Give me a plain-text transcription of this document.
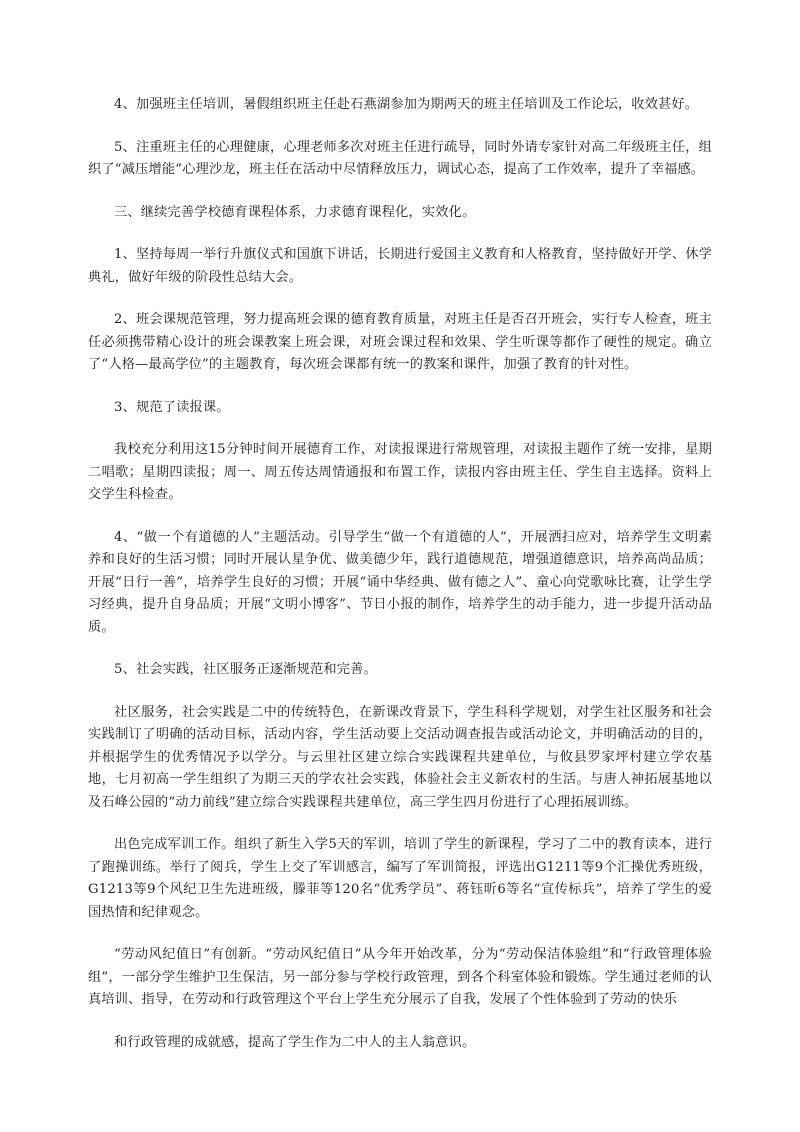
4、加强班主任培训，暑假组织班主任赴石燕湖参加为期两天的班主任培训及工作论坛，收效甚好。

5、注重班主任的心理健康，心理老师多次对班主任进行疏导，同时外请专家针对高二年级班主任，组织了“减压增能”心理沙龙，班主任在活动中尽情释放压力，调试心态，提高了工作效率，提升了幸福感。

三、继续完善学校德育课程体系，力求德育课程化，实效化。

1、坚持每周一举行升旗仪式和国旗下讲话，长期进行爱国主义教育和人格教育，坚持做好开学、休学典礼，做好年级的阶段性总结大会。

2、班会课规范管理，努力提高班会课的德育教育质量，对班主任是否召开班会，实行专人检查，班主任必须携带精心设计的班会课教案上班会课，对班会课过程和效果、学生听课等都作了硬性的规定。确立了“人格—最高学位”的主题教育，每次班会课都有统一的教案和课件，加强了教育的针对性。

3、规范了读报课。

我校充分利用这15分钟时间开展德育工作，对读报课进行常规管理，对读报主题作了统一安排，星期二唱歌；星期四读报；周一、周五传达周情通报和布置工作，读报内容由班主任、学生自主选择。资料上交学生科检查。

4、“做一个有道德的人”主题活动。引导学生“做一个有道德的人”，开展洒扫应对，培养学生文明素养和良好的生活习惯；同时开展认星争优、做美德少年，践行道德规范，增强道德意识，培养高尚品质；开展“日行一善”，培养学生良好的习惯；开展“诵中华经典、做有德之人”、童心向党歌咏比赛，让学生学习经典，提升自身品质；开展“文明小博客”、节日小报的制作，培养学生的动手能力，进一步提升活动品质。

5、社会实践，社区服务正逐渐规范和完善。

社区服务，社会实践是二中的传统特色，在新课改背景下，学生科科学规划，对学生社区服务和社会实践制订了明确的活动目标，活动内容，学生活动要上交活动调查报告或活动论文，并明确活动的目的，并根据学生的优秀情况予以学分。与云里社区建立综合实践课程共建单位，与攸县罗家坪村建立学农基地，七月初高一学生组织了为期三天的学农社会实践，体验社会主义新农村的生活。与唐人神拓展基地以及石峰公园的“动力前线”建立综合实践课程共建单位，高三学生四月份进行了心理拓展训练。

出色完成军训工作。组织了新生入学5天的军训，培训了学生的新课程，学习了二中的教育读本，进行了跑操训练。举行了阅兵，学生上交了军训感言，编写了军训简报，评选出G1211等9个汇操优秀班级，G1213等9个风纪卫生先进班级，滕菲等120名“优秀学员”、蒋钰昕6等名“宣传标兵”，培养了学生的爱国热情和纪律观念。

“劳动风纪值日”有创新。“劳动风纪值日”从今年开始改革，分为“劳动保洁体验组”和“行政管理体验组”，一部分学生维护卫生保洁，另一部分参与学校行政管理，到各个科室体验和锻炼。学生通过老师的认真培训、指导，在劳动和行政管理这个平台上学生充分展示了自我，发展了个性体验到了劳动的快乐

和行政管理的成就感，提高了学生作为二中人的主人翁意识。
